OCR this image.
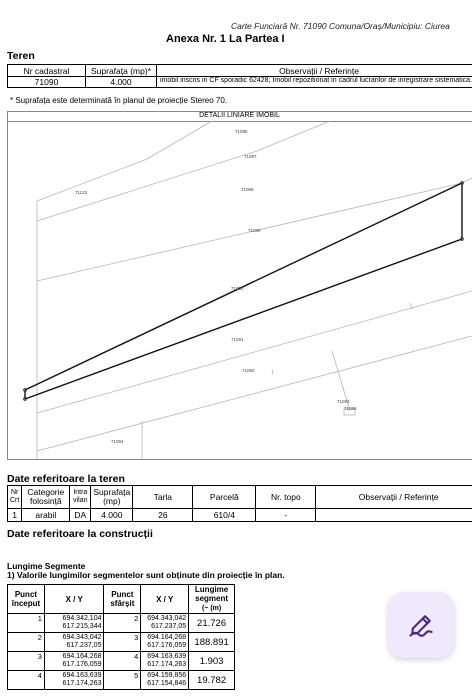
Carte Funciară Nr. 71090 Comuna/Oraș/Municipiu: Ciurea
Anexa Nr. 1 La Partea I
Teren
Nr cadastral	Suprafața (mp)*	Observații / Referințe
71090	4.000	imobil inscris in CF sporadic 62428; Imobil repozitionat in cadrul lucrarilor de inregistrare sistematica.
* Suprafața este determinată în planul de proiecție Stereo 70.
DETALII LINIARE IMOBIL
71086
71087
71088
71089
71090
71091
71092
71093
71095
71094
71122
Date referitoare la teren
Nr Crt	Categorie folosință	Intra vilan	Suprafața (mp)	Tarla	Parcelă	Nr. topo	Observații / Referințe
1	arabil	DA	4.000	26	610/4	-	
Date referitoare la construcții
Lungime Segmente
1) Valorile lungimilor segmentelor sunt obținute din proiecție în plan.
Punct început	X / Y	Punct sfârșit	X / Y	Lungime segment
(~ (m)
1	694.342,104
617.215,344	2	694.343,042
617.237,05	21.726
2	694.343,042
617.237,05	3	694.164,268
617.176,059	188.891
3	694.164,268
617.176,059	4	694.163,639
617.174,263	1.903
4	694.163,639
617.174,263	5	694.159,856
617.154,846	19.782
